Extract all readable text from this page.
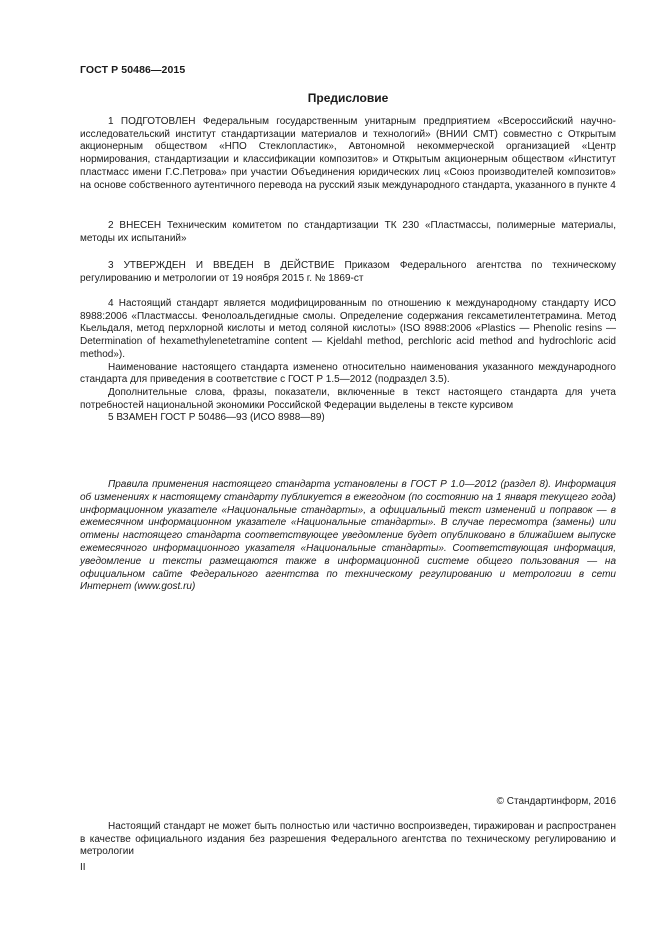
ГОСТ Р 50486—2015
Предисловие

1 ПОДГОТОВЛЕН Федеральным государственным унитарным предприятием «Всероссийский научно-исследовательский институт стандартизации материалов и технологий» (ВНИИ СМТ) совместно с Открытым акционерным обществом «НПО Стеклопластик», Автономной некоммерческой организацией «Центр нормирования, стандартизации и классификации композитов» и Открытым акционерным обществом «Институт пластмасс имени Г.С.Петрова» при участии Объединения юридических лиц «Союз производителей композитов» на основе собственного аутентичного перевода на русский язык международного стандарта, указанного в пункте 4

2 ВНЕСЕН Техническим комитетом по стандартизации ТК 230 «Пластмассы, полимерные материалы, методы их испытаний»

3 УТВЕРЖДЕН И ВВЕДЕН В ДЕЙСТВИЕ Приказом Федерального агентства по техническому регулированию и метрологии от 19 ноября 2015 г. № 1869-ст

4 Настоящий стандарт является модифицированным по отношению к международному стандарту ИСО 8988:2006 «Пластмассы. Фенолоальдегидные смолы. Определение содержания гексаметилентетрамина. Метод Кьельдаля, метод перхлорной кислоты и метод соляной кислоты» (ISO 8988:2006 «Plastics — Phenolic resins — Determination of hexamethylenetetramine content — Kjeldahl method, perchloric acid method and hydrochloric acid method»).

Наименование настоящего стандарта изменено относительно наименования указанного международного стандарта для приведения в соответствие с ГОСТ Р 1.5—2012 (подраздел 3.5).

Дополнительные слова, фразы, показатели, включенные в текст настоящего стандарта для учета потребностей национальной экономики Российской Федерации выделены в тексте курсивом

5 ВЗАМЕН ГОСТ Р 50486—93 (ИСО 8988—89)

Правила применения настоящего стандарта установлены в ГОСТ Р 1.0—2012 (раздел 8). Информация об изменениях к настоящему стандарту публикуется в ежегодном (по состоянию на 1 января текущего года) информационном указателе «Национальные стандарты», а официальный текст изменений и поправок — в ежемесячном информационном указателе «Национальные стандарты». В случае пересмотра (замены) или отмены настоящего стандарта соответствующее уведомление будет опубликовано в ближайшем выпуске ежемесячного информационного указателя «Национальные стандарты». Соответствующая информация, уведомление и тексты размещаются также в информационной системе общего пользования — на официальном сайте Федерального агентства по техническому регулированию и метрологии в сети Интернет (www.gost.ru)

© Стандартинформ, 2016

Настоящий стандарт не может быть полностью или частично воспроизведен, тиражирован и распространен в качестве официального издания без разрешения Федерального агентства по техническому регулированию и метрологии

II
